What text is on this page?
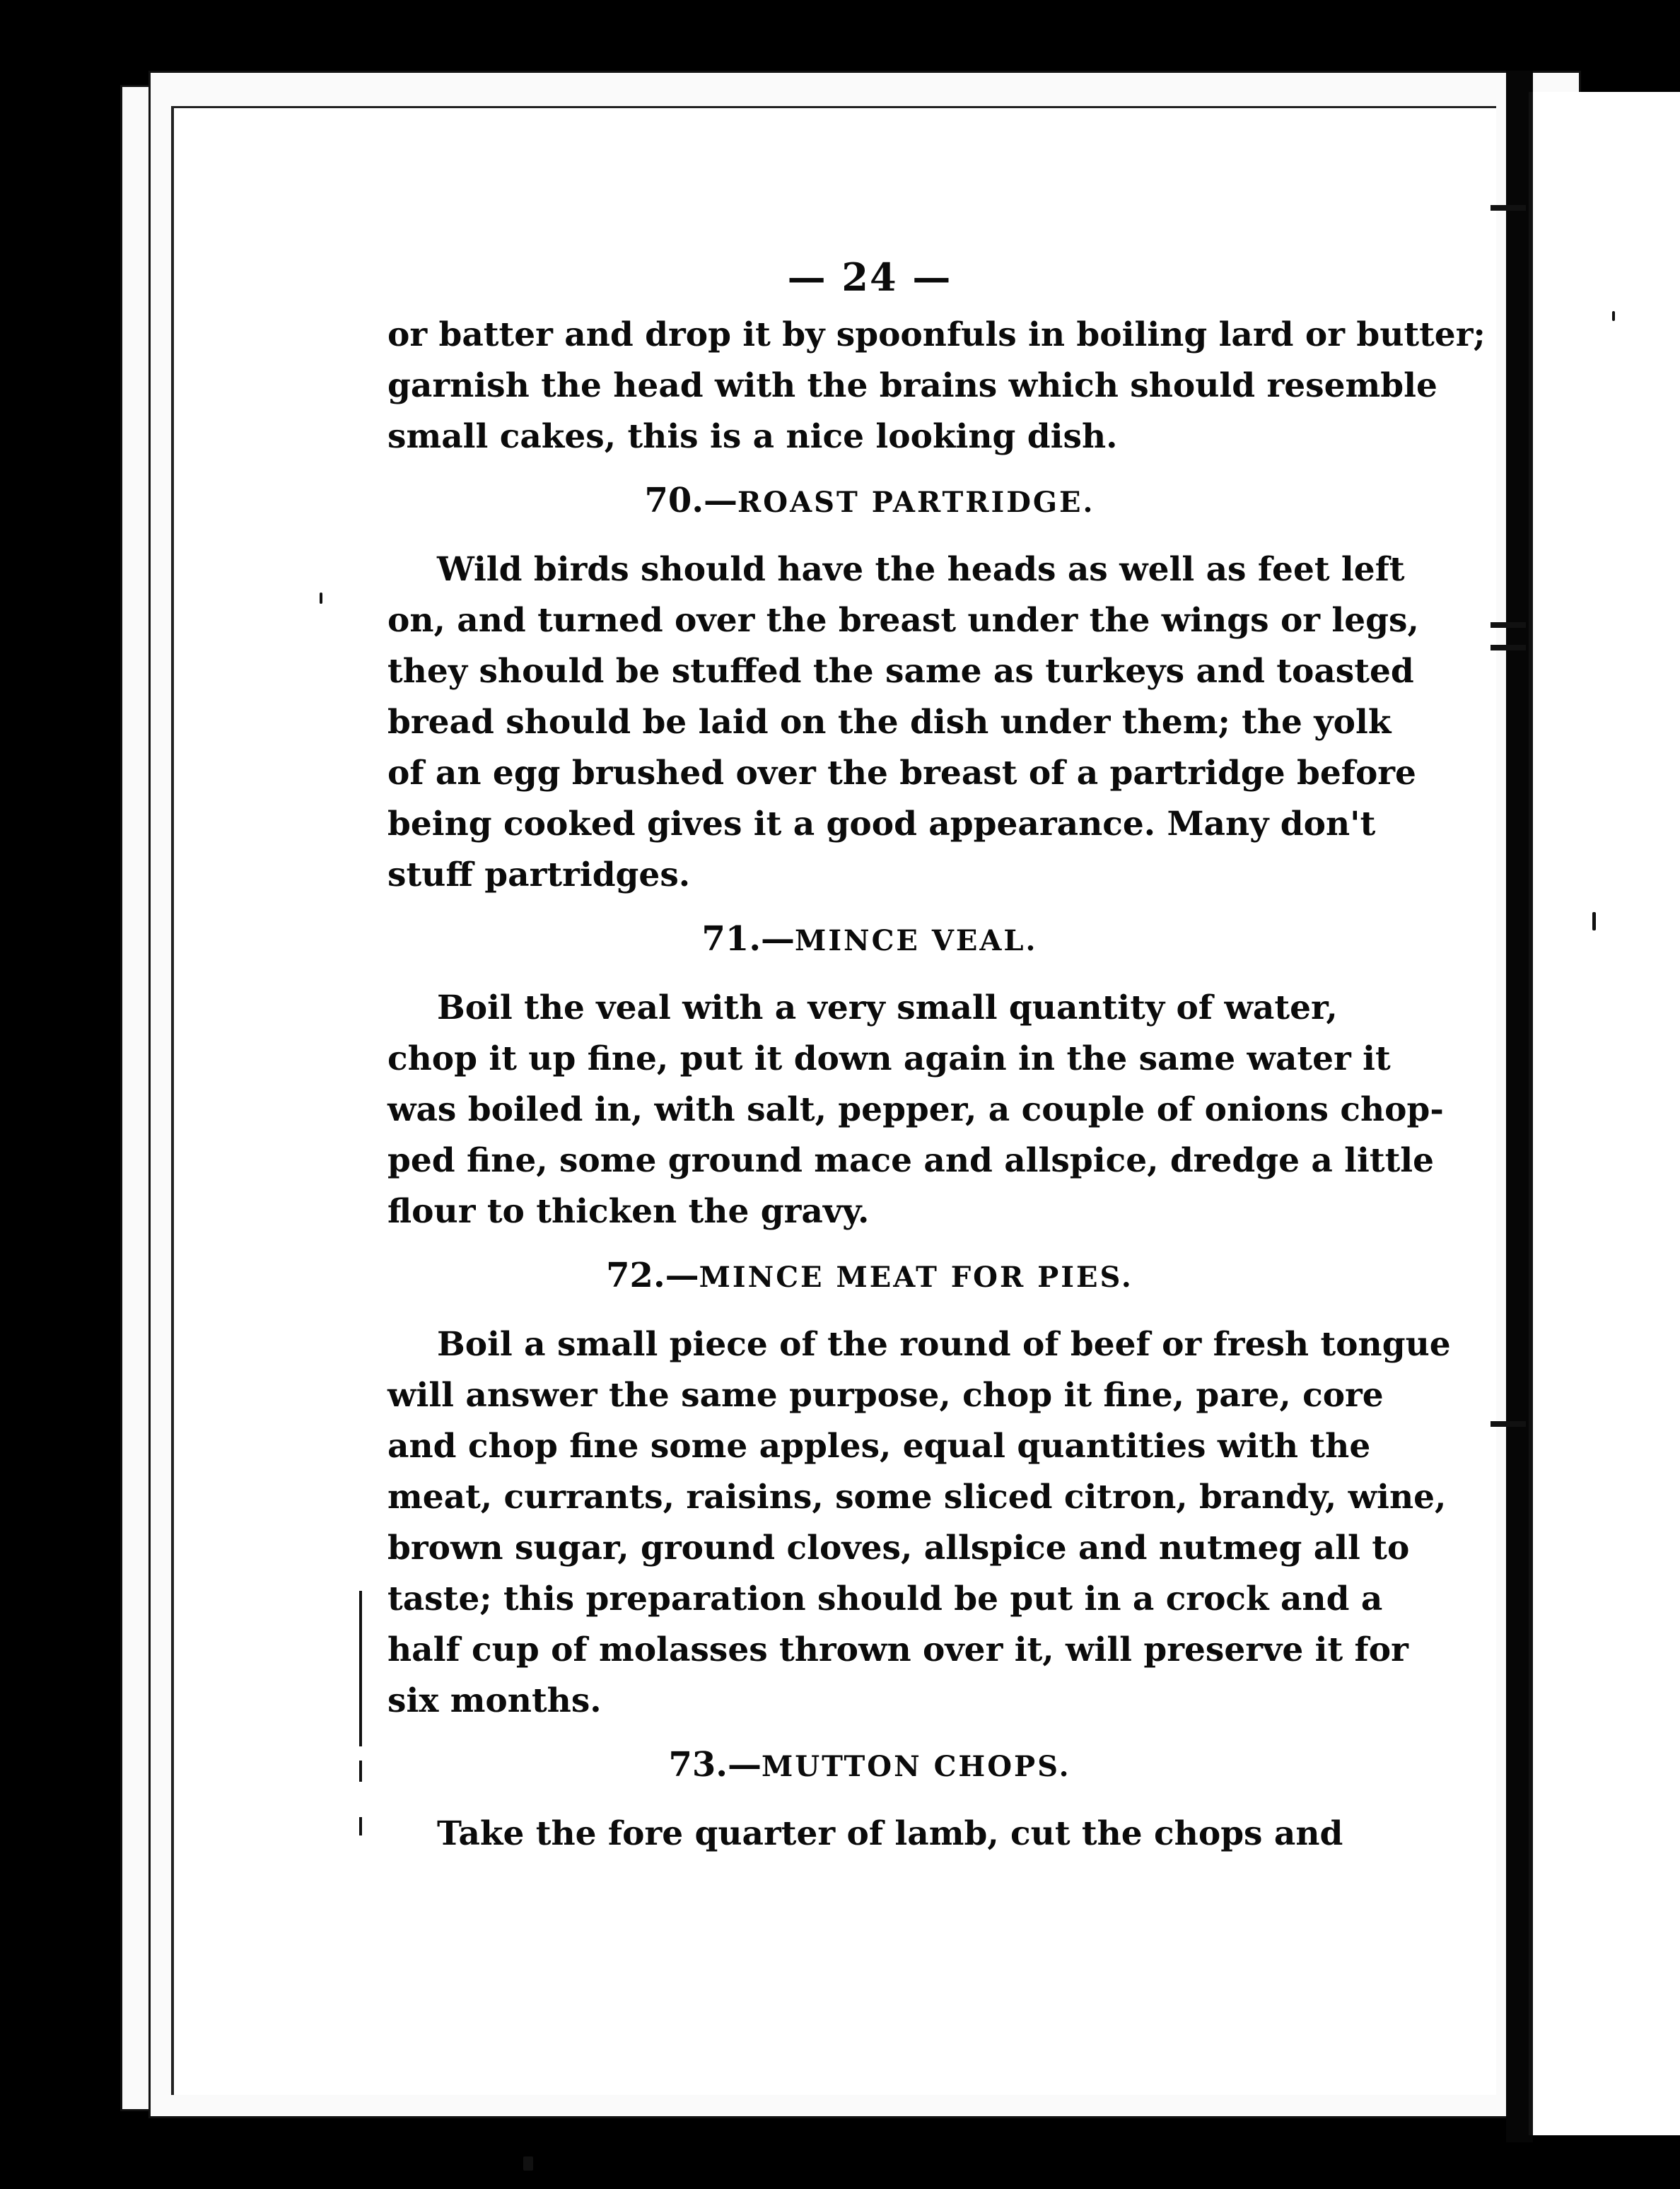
— 24 —

or batter and drop it by spoonfuls in boiling lard or butter;
garnish the head with the brains which should resemble
small cakes, this is a nice looking dish.

70.—ROAST PARTRIDGE.

Wild birds should have the heads as well as feet left
on, and turned over the breast under the wings or legs,
they should be stuffed the same as turkeys and toasted
bread should be laid on the dish under them; the yolk
of an egg brushed over the breast of a partridge before
being cooked gives it a good appearance. Many don't
stuff partridges.

71.—MINCE VEAL.

Boil the veal with a very small quantity of water,
chop it up fine, put it down again in the same water it
was boiled in, with salt, pepper, a couple of onions chop-
ped fine, some ground mace and allspice, dredge a little
flour to thicken the gravy.

72.—MINCE MEAT FOR PIES.

Boil a small piece of the round of beef or fresh tongue
will answer the same purpose, chop it fine, pare, core
and chop fine some apples, equal quantities with the
meat, currants, raisins, some sliced citron, brandy, wine,
brown sugar, ground cloves, allspice and nutmeg all to
taste; this preparation should be put in a crock and a
half cup of molasses thrown over it, will preserve it for
six months.

73.—MUTTON CHOPS.

Take the fore quarter of lamb, cut the chops and
